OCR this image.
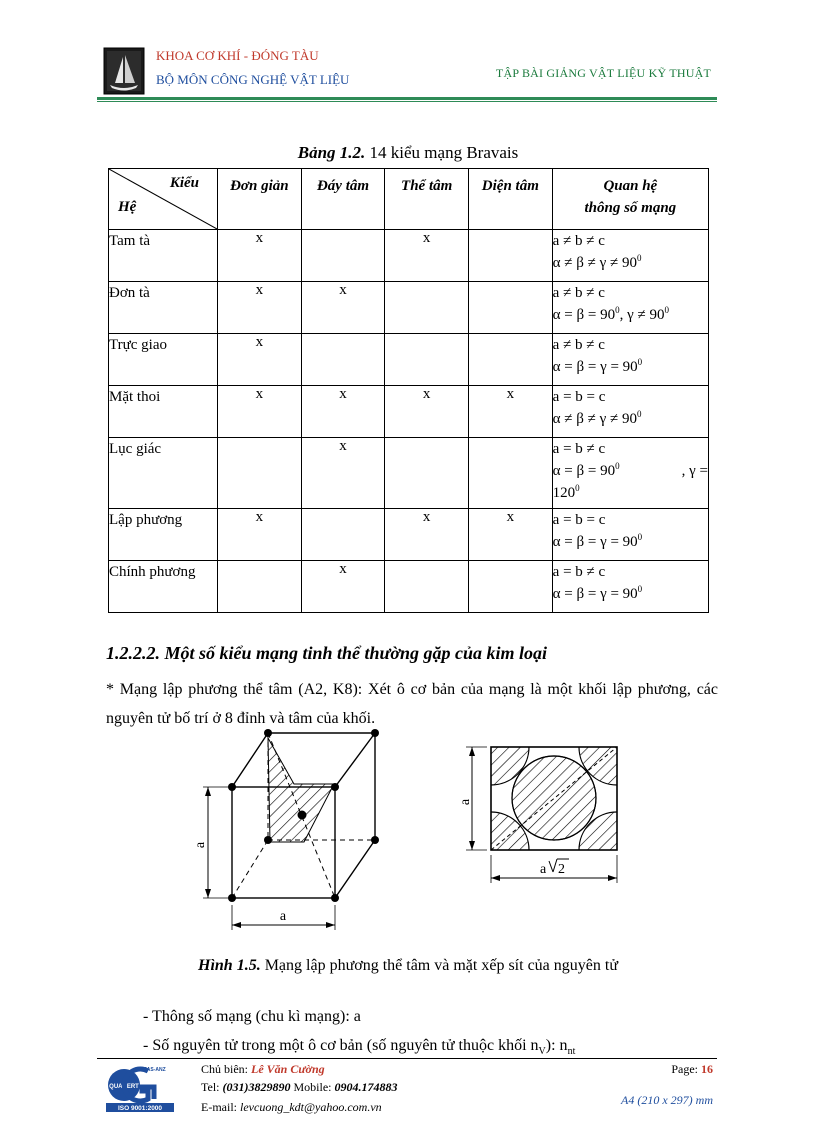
KHOA CƠ KHÍ - ĐÓNG TÀU
BỘ MÔN CÔNG NGHỆ VẬT LIỆU	TẬP BÀI GIẢNG VẬT LIỆU KỸ THUẬT
Bảng 1.2. 14 kiểu mạng Bravais
Kiểu
Hệ	Đơn giản	Đáy tâm	Thể tâm	Diện tâm	Quan hệ
thông số mạng

Tam tà	x		x		a ≠ b ≠ c
$\alpha \ne \beta \ne \gamma \ne 90^0$

Đơn tà	x	x			a ≠ b ≠ c
$\alpha = \beta = 90^0$, $\gamma \ne 90^0$

Trực giao	x				a ≠ b ≠ c
$\alpha = \beta = \gamma = 90^0$

Mặt thoi	x	x	x	x	a = b = c
$\alpha \ne \beta \ne \gamma \ne 90^0$

Lục giác		x			a = b ≠ c
$\alpha = \beta = 90^0$ , γ =
$120^0$

Lập phương	x		x	x	a = b = c
$\alpha = \beta = \gamma = 90^0$

Chính phương		x			a = b ≠ c
$\alpha = \beta = \gamma = 90^0$
1.2.2.2. Một số kiểu mạng tinh thể thường gặp của kim loại
* Mạng lập phương thể tâm (A2, K8): Xét ô cơ bản của mạng là một khối lập phương, các nguyên tử bố trí ở 8 đỉnh và tâm của khối.
a
a
a
a 2
Hình 1.5. Mạng lập phương thể tâm và mặt xếp sít của nguyên tử
- Thông số mạng (chu kì mạng): a
- Số nguyên tử trong một ô cơ bản (số nguyên tử thuộc khối $n_V$): $n_{nt}$
QUACERT
JAS-ANZ
ISO 9001:2000
Chủ biên: Lê Văn Cường
Tel: (031)3829890 Mobile: 0904.174883
E-mail: levcuong_kdt@yahoo.com.vn
Page: 16
A4 (210 x 297) mm
